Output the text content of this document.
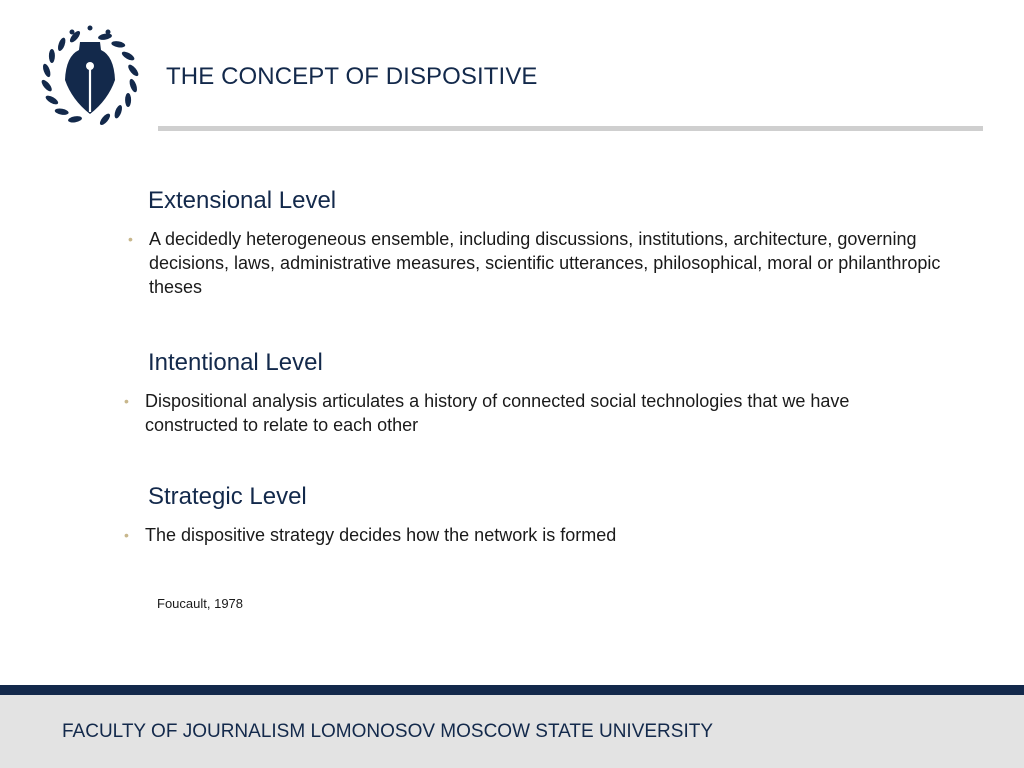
THE CONCEPT OF DISPOSITIVE
Extensional Level
• A decidedly heterogeneous ensemble, including discussions, institutions, architecture, governing decisions, laws, administrative measures, scientific utterances, philosophical, moral or philanthropic theses
Intentional Level
• Dispositional analysis articulates a history of connected social technologies that we have constructed to relate to each other
Strategic Level
• The dispositive strategy decides how the network is formed
Foucault, 1978
FACULTY OF JOURNALISM LOMONOSOV MOSCOW STATE UNIVERSITY
